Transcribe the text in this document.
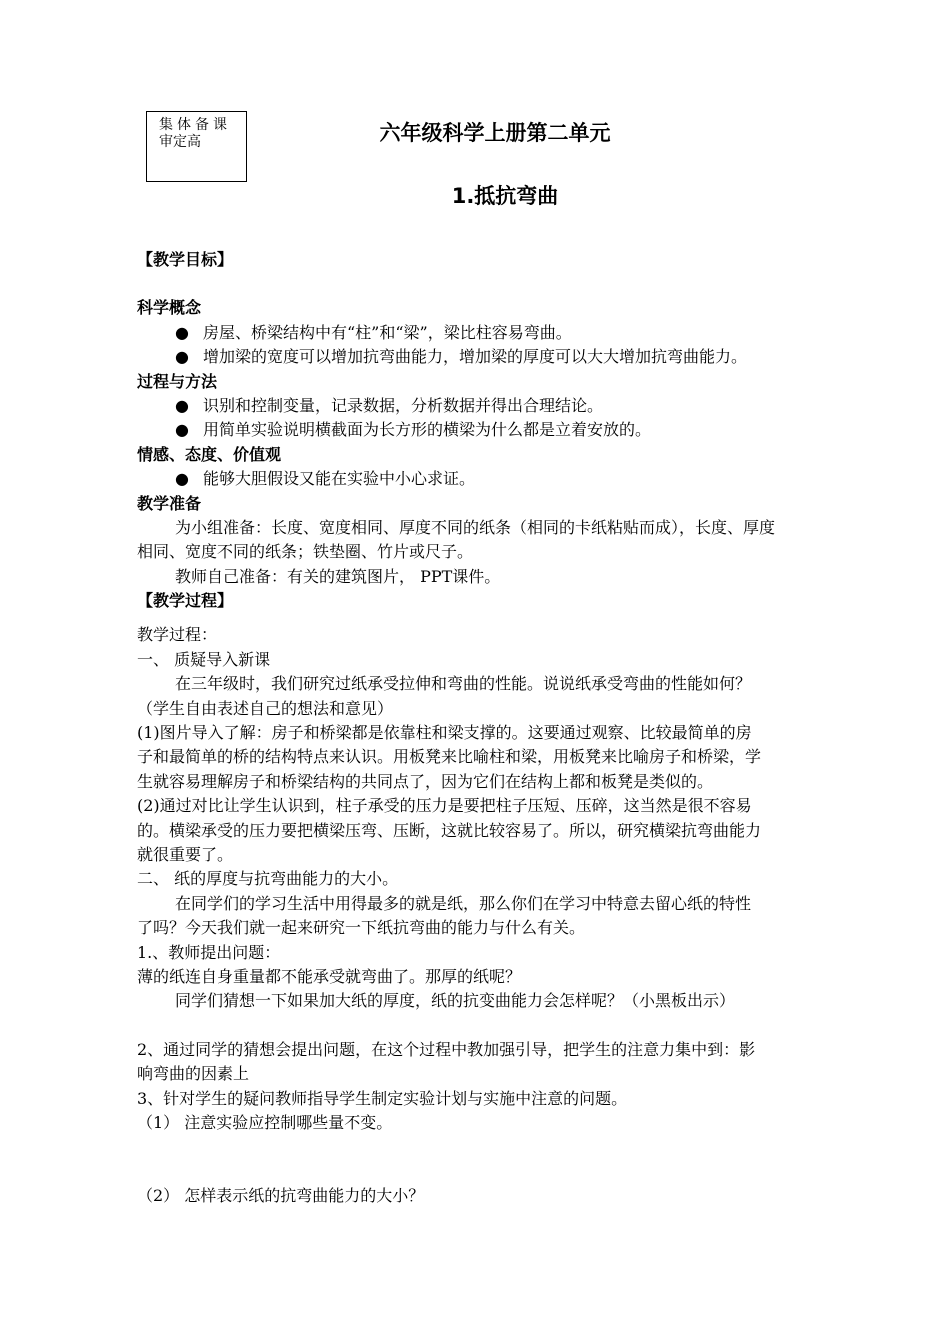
集体备课
审定高	六年级科学上册第二单元
1.抵抗弯曲
【教学目标】
科学概念
● 房屋、桥梁结构中有“柱”和“梁”，梁比柱容易弯曲。
● 增加梁的宽度可以增加抗弯曲能力，增加梁的厚度可以大大增加抗弯曲能力。
过程与方法
● 识别和控制变量，记录数据，分析数据并得出合理结论。
● 用简单实验说明横截面为长方形的横梁为什么都是立着安放的。
情感、态度、价值观
● 能够大胆假设又能在实验中小心求证。
教学准备
为小组准备：长度、宽度相同、厚度不同的纸条（相同的卡纸粘贴而成），长度、厚度
相同、宽度不同的纸条；铁垫圈、竹片或尺子。
教师自己准备：有关的建筑图片， PPT课件。
【教学过程】
教学过程：
一、 质疑导入新课
在三年级时，我们研究过纸承受拉伸和弯曲的性能。说说纸承受弯曲的性能如何？
（学生自由表述自己的想法和意见）
(1)图片导入了解：房子和桥梁都是依靠柱和梁支撑的。这要通过观察、比较最简单的房
子和最简单的桥的结构特点来认识。用板凳来比喻柱和梁，用板凳来比喻房子和桥梁，学
生就容易理解房子和桥梁结构的共同点了，因为它们在结构上都和板凳是类似的。
(2)通过对比让学生认识到，柱子承受的压力是要把柱子压短、压碎，这当然是很不容易
的。横梁承受的压力要把横梁压弯、压断，这就比较容易了。所以，研究横梁抗弯曲能力
就很重要了。
二、 纸的厚度与抗弯曲能力的大小。
在同学们的学习生活中用得最多的就是纸，那么你们在学习中特意去留心纸的特性
了吗？今天我们就一起来研究一下纸抗弯曲的能力与什么有关。
1.、教师提出问题：
薄的纸连自身重量都不能承受就弯曲了。那厚的纸呢？
同学们猜想一下如果加大纸的厚度，纸的抗变曲能力会怎样呢？（小黑板出示）
2、通过同学的猜想会提出问题，在这个过程中教加强引导，把学生的注意力集中到：影
响弯曲的因素上
3、针对学生的疑问教师指导学生制定实验计划与实施中注意的问题。
（1） 注意实验应控制哪些量不变。
（2） 怎样表示纸的抗弯曲能力的大小？
